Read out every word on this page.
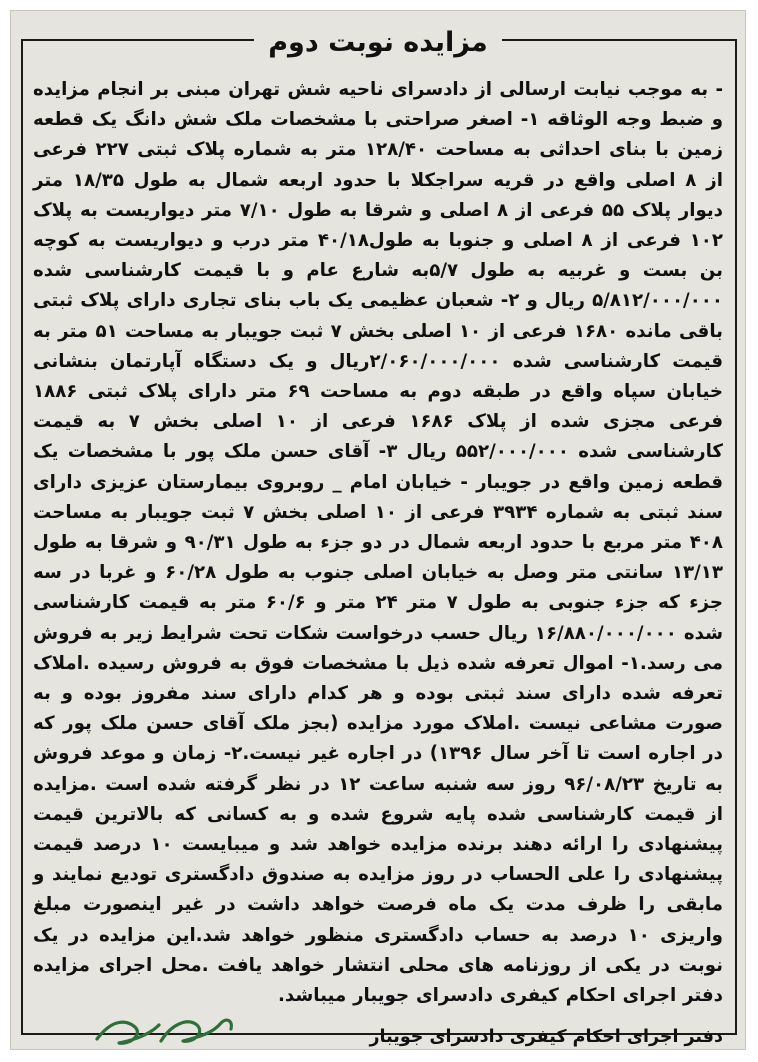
مزایده نوبت دوم

- به موجب نیابت ارسالی از دادسرای ناحیه شش تهران مبنی بر انجام مزایده و ضبط وجه الوثاقه ۱- اصغر صراحتی با مشخصات ملک شش دانگ یک قطعه زمین با بنای احداثی به مساحت ۱۲۸/۴۰ متر به شماره پلاک ثبتی ۲۲۷ فرعی از ۸ اصلی واقع در قریه سراجکلا با حدود اربعه شمال به طول ۱۸/۳۵ متر دیوار پلاک ۵۵ فرعی از ۸ اصلی و شرقا به طول ۷/۱۰ متر دیواریست به پلاک ۱۰۲ فرعی از ۸ اصلی و جنوبا به طول۴۰/۱۸ متر درب و دیواریست به کوچه بن بست و غربیه به طول ۵/۷به شارع عام و با قیمت کارشناسی شده ۵/۸۱۲/۰۰۰/۰۰۰ ریال و ۲- شعبان عظیمی یک باب بنای تجاری دارای پلاک ثبتی باقی مانده ۱۶۸۰ فرعی از ۱۰ اصلی بخش ۷ ثبت جویبار به مساحت ۵۱ متر به قیمت کارشناسی شده ۲/۰۶۰/۰۰۰/۰۰۰ریال و یک دستگاه آپارتمان بنشانی خیابان سپاه واقع در طبقه دوم به مساحت ۶۹ متر دارای پلاک ثبتی ۱۸۸۶ فرعی مجزی شده از پلاک ۱۶۸۶ فرعی از ۱۰ اصلی بخش ۷ به قیمت کارشناسی شده ۵۵۲/۰۰۰/۰۰۰ ریال ۳- آقای حسن ملک پور با مشخصات یک قطعه زمین واقع در جویبار - خیابان امام _ روبروی بیمارستان عزیزی دارای سند ثبتی به شماره ۳۹۳۴ فرعی از ۱۰ اصلی بخش ۷ ثبت جویبار به مساحت ۴۰۸ متر مربع با حدود اربعه شمال در دو جزء به طول ۹۰/۳۱ و شرقا به طول ۱۳/۱۳ سانتی متر وصل به خیابان اصلی جنوب به طول ۶۰/۲۸ و غربا در سه جزء که جزء جنوبی به طول ۷ متر ۲۴ متر و ۶۰/۶ متر به قیمت کارشناسی شده ۱۶/۸۸۰/۰۰۰/۰۰۰ ریال حسب درخواست شکات تحت شرایط زیر به فروش می رسد.۱- اموال تعرفه شده ذیل با مشخصات فوق به فروش رسیده .املاک تعرفه شده دارای سند ثبتی بوده و هر کدام دارای سند مفروز بوده و به صورت مشاعی نیست .املاک مورد مزایده (بجز ملک آقای حسن ملک پور که در اجاره است تا آخر سال ۱۳۹۶) در اجاره غیر نیست.۲- زمان و موعد فروش به تاریخ ۹۶/۰۸/۲۳ روز سه شنبه ساعت ۱۲ در نظر گرفته شده است .مزایده از قیمت کارشناسی شده پایه شروع شده و به کسانی که بالاترین قیمت پیشنهادی را ارائه دهند برنده مزایده خواهد شد و میبایست ۱۰ درصد قیمت پیشنهادی را علی الحساب در روز مزایده به صندوق دادگستری تودیع نمایند و مابقی را ظرف مدت یک ماه فرصت خواهد داشت در غیر اینصورت مبلغ واریزی ۱۰ درصد به حساب دادگستری منظور خواهد شد.این مزایده در یک نوبت در یکی از روزنامه های محلی انتشار خواهد یافت .محل اجرای مزایده دفتر اجرای احکام کیفری دادسرای جویبار میباشد.

دفتر اجرای احکام کیفری دادسرای جویبار
